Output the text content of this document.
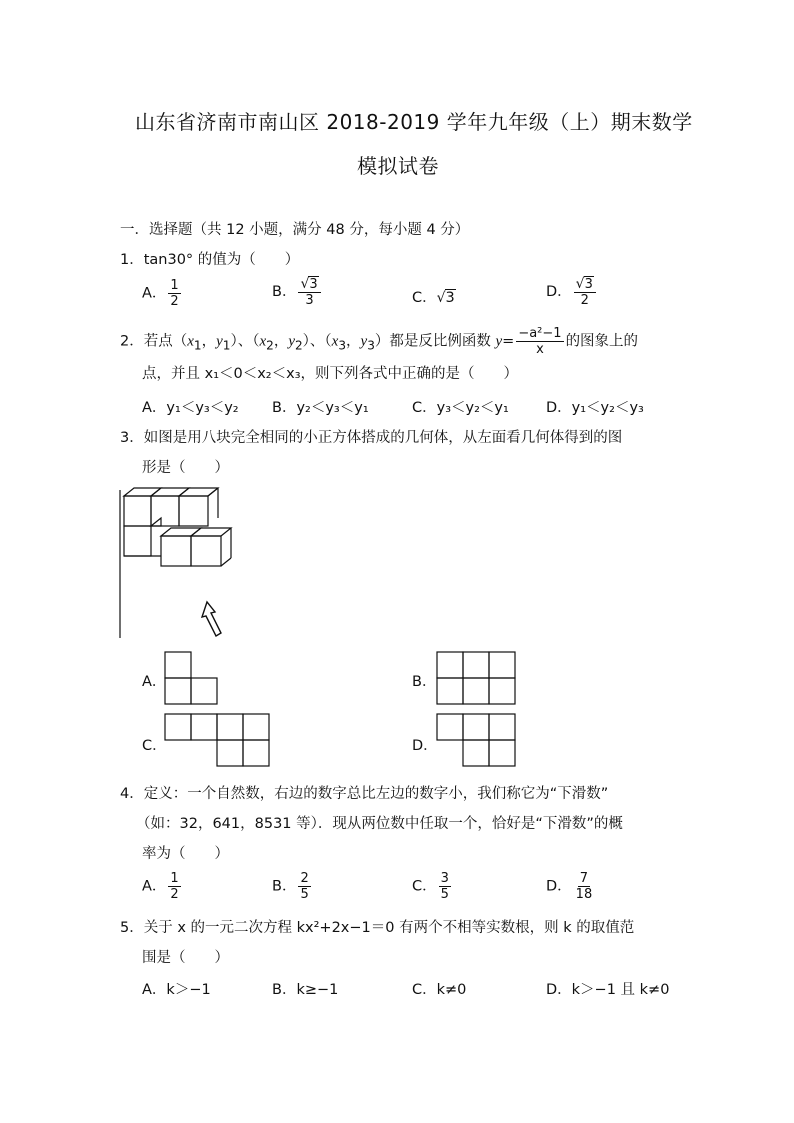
山东省济南市南山区 2018-2019 学年九年级（上）期末数学
模拟试卷
一．选择题（共 12 小题，满分 48 分，每小题 4 分）
1．tan30° 的值为（　　）
A． $\frac{1}{2}$	B． $\frac{√3}{3}$	C．√3	D． $\frac{√3}{2}$
2．若点（$x_1$，$y_1$）、（$x_2$，$y_2$）、（$x_3$，$y_3$）都是反比例函数 $y= \frac{\text{−a²−1}}{x}$ 的图象上的
点，并且 x₁＜0＜x₂＜x₃，则下列各式中正确的是（　　）
A．y₁＜y₃＜y₂ B．y₂＜y₃＜y₁	C．y₃＜y₂＜y₁	D．y₁＜y₂＜y₃
3．如图是用八块完全相同的小正方体搭成的几何体，从左面看几何体得到的图
形是（　　）
A．	B．
C．	D．
4．定义：一个自然数，右边的数字总比左边的数字小，我们称它为“下滑数”
（如：32，641，8531 等）．现从两位数中任取一个，恰好是“下滑数”的概
率为（　　）
A． $\frac{1}{2}$	B． $\frac{2}{5}$	C． $\frac{3}{5}$	D． $\frac{7}{18}$
5．关于 x 的一元二次方程 kx²+2x−1＝0 有两个不相等实数根，则 k 的取值范
围是（　　）
A．k＞−1	B．k≥−1	C．k≠0	D．k＞−1 且 k≠0
